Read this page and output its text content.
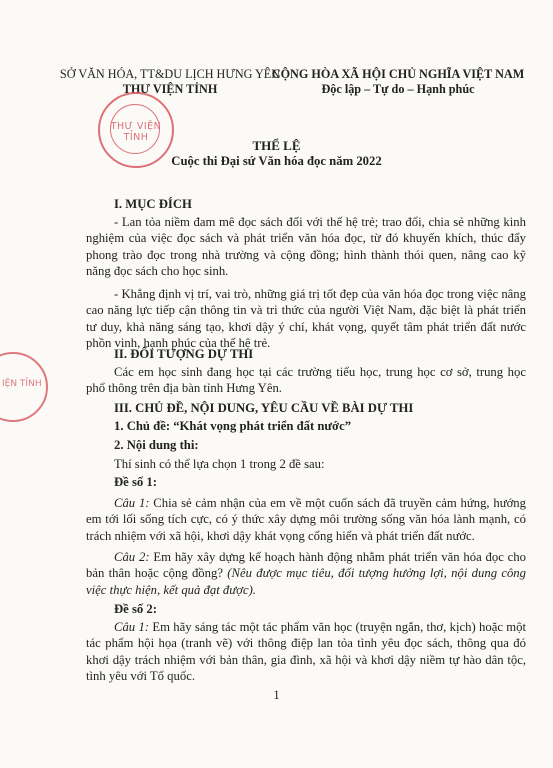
SỞ VĂN HÓA, TT&DU LỊCH HƯNG YÊN
THƯ VIỆN TỈNH
CỘNG HÒA XÃ HỘI CHỦ NGHĨA VIỆT NAM
Độc lập – Tự do – Hạnh phúc
THƯ VIỆN TỈNH
IỆN TỈNH
THỂ LỆ
Cuộc thi Đại sứ Văn hóa đọc năm 2022
I. MỤC ĐÍCH
- Lan tỏa niềm đam mê đọc sách đối với thế hệ trẻ; trao đổi, chia sẻ những kinh nghiệm của việc đọc sách và phát triển văn hóa đọc, từ đó khuyến khích, thúc đẩy phong trào đọc trong nhà trường và cộng đồng; hình thành thói quen, nâng cao kỹ năng đọc sách cho học sinh.
- Khẳng định vị trí, vai trò, những giá trị tốt đẹp của văn hóa đọc trong việc nâng cao năng lực tiếp cận thông tin và tri thức của người Việt Nam, đặc biệt là phát triển tư duy, khả năng sáng tạo, khơi dậy ý chí, khát vọng, quyết tâm phát triển đất nước phồn vinh, hạnh phúc của thế hệ trẻ.
II. ĐỐI TƯỢNG DỰ THI
Các em học sinh đang học tại các trường tiểu học, trung học cơ sở, trung học phổ thông trên địa bàn tỉnh Hưng Yên.
III. CHỦ ĐỀ, NỘI DUNG, YÊU CẦU VỀ BÀI DỰ THI
1. Chủ đề: “Khát vọng phát triển đất nước”
2. Nội dung thi:
Thí sinh có thể lựa chọn 1 trong 2 đề sau:
Đề số 1:
Câu 1: Chia sẻ cảm nhận của em về một cuốn sách đã truyền cảm hứng, hướng em tới lối sống tích cực, có ý thức xây dựng môi trường sống văn hóa lành mạnh, có trách nhiệm với xã hội, khơi dậy khát vọng cống hiến và phát triển đất nước.
Câu 2: Em hãy xây dựng kế hoạch hành động nhằm phát triển văn hóa đọc cho bản thân hoặc cộng đồng? (Nêu được mục tiêu, đối tượng hưởng lợi, nội dung công việc thực hiện, kết quả đạt được).
Đề số 2:
Câu 1: Em hãy sáng tác một tác phẩm văn học (truyện ngắn, thơ, kịch) hoặc một tác phẩm hội họa (tranh vẽ) với thông điệp lan tỏa tình yêu đọc sách, thông qua đó khơi dậy trách nhiệm với bản thân, gia đình, xã hội và khơi dậy niềm tự hào dân tộc, tình yêu với Tổ quốc.
1
